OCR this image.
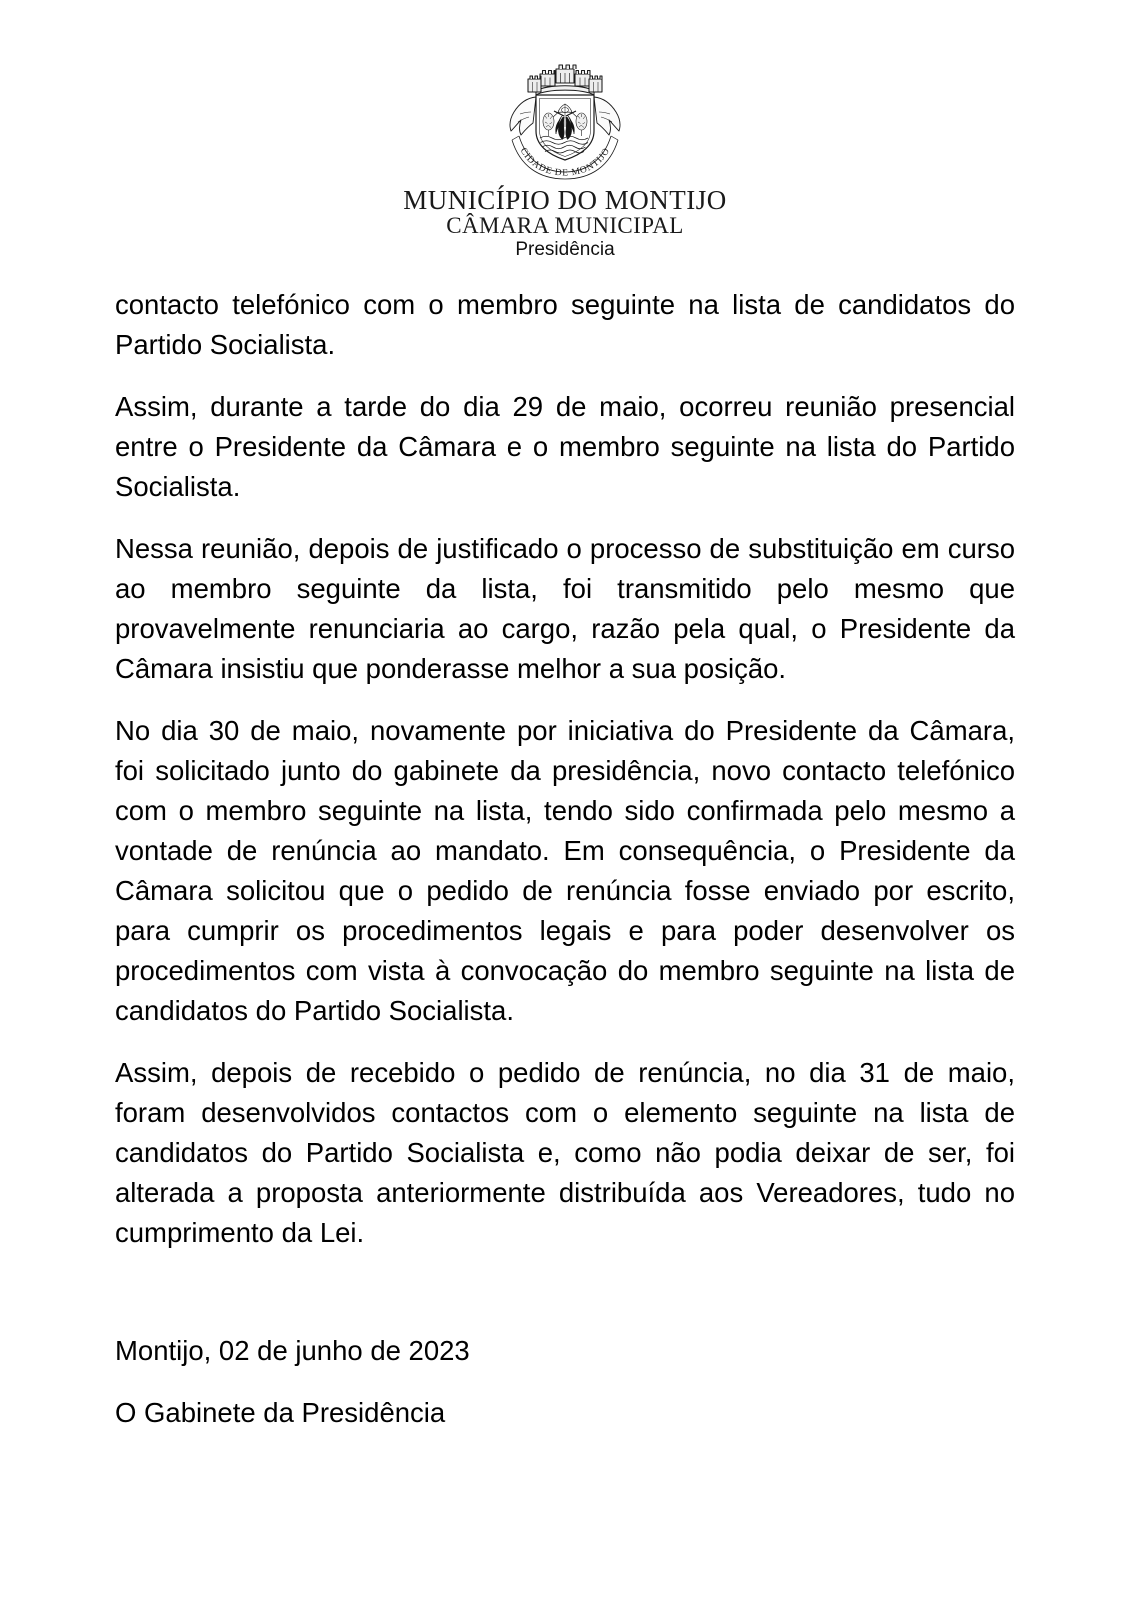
CIDADE DE MONTIJO
MUNICÍPIO DO MONTIJO
CÂMARA MUNICIPAL
Presidência

contacto telefónico com o membro seguinte na lista de candidatos do Partido Socialista.

Assim, durante a tarde do dia 29 de maio, ocorreu reunião presencial entre o Presidente da Câmara e o membro seguinte na lista do Partido Socialista.

Nessa reunião, depois de justificado o processo de substituição em curso ao membro seguinte da lista, foi transmitido pelo mesmo que provavelmente renunciaria ao cargo, razão pela qual, o Presidente da Câmara insistiu que ponderasse melhor a sua posição.

No dia 30 de maio, novamente por iniciativa do Presidente da Câmara, foi solicitado junto do gabinete da presidência, novo contacto telefónico com o membro seguinte na lista, tendo sido confirmada pelo mesmo a vontade de renúncia ao mandato. Em consequência, o Presidente da Câmara solicitou que o pedido de renúncia fosse enviado por escrito, para cumprir os procedimentos legais e para poder desenvolver os procedimentos com vista à convocação do membro seguinte na lista de candidatos do Partido Socialista.

Assim, depois de recebido o pedido de renúncia, no dia 31 de maio, foram desenvolvidos contactos com o elemento seguinte na lista de candidatos do Partido Socialista e, como não podia deixar de ser, foi alterada a proposta anteriormente distribuída aos Vereadores, tudo no cumprimento da Lei.

Montijo, 02 de junho de 2023
O Gabinete da Presidência
